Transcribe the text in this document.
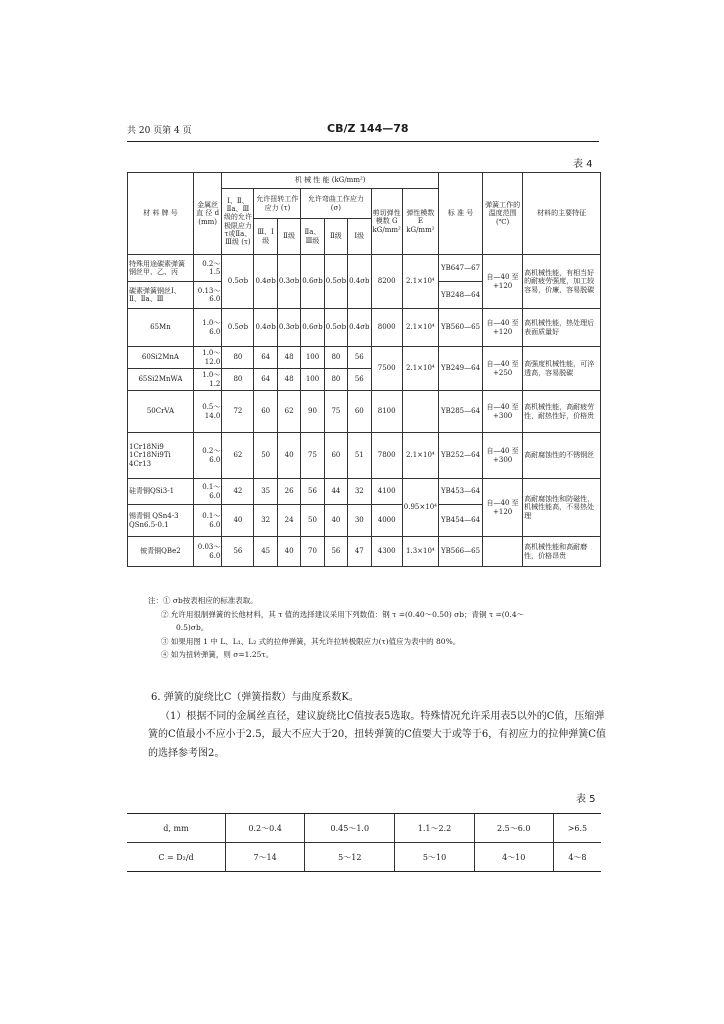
共 20 页第 4 页	CB/Z 144—78
表 4
材 料 牌 号	金属丝直 径 d (mm)	机 械 性 能 (kG/mm²)								标 准 号	弹簧工作的温度范围 (℃)	材料的主要特征
		Ⅰ、Ⅱ、Ⅱa、Ⅲ级的允许极限应力τ或Ⅱa、Ⅲ级 (τ)	允许扭转工作应力 (τ)		允许弯曲工作应力 (σ)			剪切弹性模数 G kG/mm²	弹性模数 E kG/mm²			
			Ⅲ、Ⅰ级	Ⅱ级	Ⅱa、Ⅲ级	Ⅱ级	Ⅰ级					
特殊用途碳素弹簧钢丝甲、乙、丙	0.2～1.5	0.5σb	0.4σb	0.3σb	0.6σb	0.5σb	0.4σb	8200	2.1×10⁴	YB647—67	自—40 至+120	高机械性能，有相当好的耐疲劳强度，加工较容易，价廉，容易脱碳
碳素弹簧钢丝Ⅰ、Ⅱ、Ⅱa、Ⅲ	0.13～6.0									YB248—64		
65Mn	1.0～6.0	0.5σb	0.4σb	0.3σb	0.6σb	0.5σb	0.4σb	8000	2.1×10⁴	YB560—65	自—40 至+120	高机械性能，热处理后表面质量好
60Si2MnA	1.0～12.0	80	64	48	100	80	56	7500	2.1×10⁴	YB249—64	自—40 至+250	高强度机械性能，可淬透高，容易脱碳
65Si2MnWA	1.0～1.2	80	64	48	100	80	56					
50CrVA	0.5～14.0	72	60	62	90	75	60	8100		YB285—64	自—40 至+300	高机械性能，高耐疲劳性，耐热性好，价格贵
1Cr18Ni9 1Cr18Ni9Ti 4Cr13	0.2～6.0	62	50	40	75	60	51	7800	2.1×10⁴	YB252—64	自—40 至+300	高耐腐蚀性的不锈钢丝
硅青铜QSi3-1	0.1～6.0	42	35	26	56	44	32	4100	0.95×10⁴	YB453—64	自—40 至+120	高耐腐蚀性和防磁性，机械性能高，不易热处理
锡青铜 QSn4-3 QSn6.5-0.1	0.1～6.0	40	32	24	50	40	30	4000		YB454—64		
铍青铜QBe2	0.03～6.0	56	45	40	70	56	47	4300	1.3×10⁴	YB566—65		高机械性能和高耐磨性，价格昂贵
注：① σb按表相应的标准表取。
② 允许用很制弹簧的长他材料，其 τ 值的选择建议采用下列数值：钢 τ =(0.40～0.50) σb；青铜 τ =(0.4～
0.5)σb。
③ 如果用图 1 中 L、L₁、L₂ 式的拉伸弹簧，其允许拉转极限应力(τ)值应为表中的 80%。
④ 如为扭转弹簧，则 σ=1.25τ。
6. 弹簧的旋绕比C（弹簧指数）与曲度系数K。
（1）根据不同的金属丝直径，建议旋绕比C值按表5选取。特殊情况允许采用表5以外的C值，压缩弹簧的C值最小不应小于2.5，最大不应大于20，扭转弹簧的C值要大于或等于6，有初应力的拉伸弹簧C值的选择参考图2。
表 5
d, mm	0.2～0.4	0.45～1.0	1.1～2.2	2.5～6.0	>6.5
C = D₂/d	7～14	5～12	5～10	4～10	4～8
